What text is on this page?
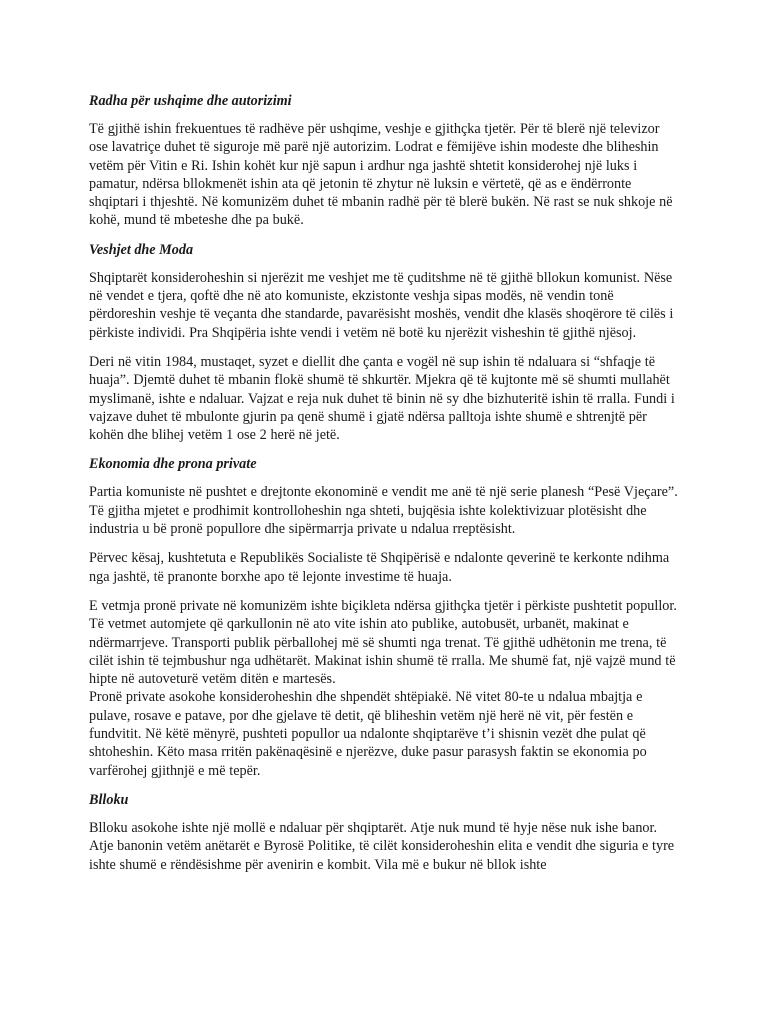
Radha për ushqime dhe autorizimi

Të gjithë ishin frekuentues të radhëve për ushqime, veshje e gjithçka tjetër. Për të blerë një televizor ose lavatriçe duhet të siguroje më parë një autorizim. Lodrat e fëmijëve ishin modeste dhe bliheshin vetëm për Vitin e Ri. Ishin kohët kur një sapun i ardhur nga jashtë shtetit konsiderohej një luks i pamatur, ndërsa bllokmenët ishin ata që jetonin të zhytur në luksin e vërtetë, që as e ëndërronte shqiptari i thjeshtë. Në komunizëm duhet të mbanin radhë për të blerë bukën. Në rast se nuk shkoje në kohë, mund të mbeteshe dhe pa bukë.

Veshjet dhe Moda

Shqiptarët konsideroheshin si njerëzit me veshjet me të çuditshme në të gjithë bllokun komunist. Nëse në vendet e tjera, qoftë dhe në ato komuniste, ekzistonte veshja sipas modës, në vendin tonë përdoreshin veshje të veçanta dhe standarde, pavarësisht moshës, vendit dhe klasës shoqërore të cilës i përkiste individi. Pra Shqipëria ishte vendi i vetëm në botë ku njerëzit visheshin të gjithë njësoj.

Deri në vitin 1984, mustaqet, syzet e diellit dhe çanta e vogël në sup ishin të ndaluara si “shfaqje të huaja”. Djemtë duhet të mbanin flokë shumë të shkurtër. Mjekra që të kujtonte më së shumti mullahët myslimanë, ishte e ndaluar. Vajzat e reja nuk duhet të binin në sy dhe bizhuteritë ishin të rralla. Fundi i vajzave duhet të mbulonte gjurin pa qenë shumë i gjatë ndërsa palltoja ishte shumë e shtrenjtë për kohën dhe blihej vetëm 1 ose 2 herë në jetë.

Ekonomia dhe prona private

Partia komuniste në pushtet e drejtonte ekonominë e vendit me anë të një serie planesh “Pesë Vjeçare”. Të gjitha mjetet e prodhimit kontrolloheshin nga shteti, bujqësia ishte kolektivizuar plotësisht dhe industria u bë pronë popullore dhe sipërmarrja private u ndalua rreptësisht.

Përvec kësaj, kushtetuta e Republikës Socialiste të Shqipërisë e ndalonte qeverinë te kerkonte ndihma nga jashtë, të pranonte borxhe apo të lejonte investime të huaja.

E vetmja pronë private në komunizëm ishte biçikleta ndërsa gjithçka tjetër i përkiste pushtetit popullor. Të vetmet automjete që qarkullonin në ato vite ishin ato publike, autobusët, urbanët, makinat e ndërmarrjeve. Transporti publik përballohej më së shumti nga trenat. Të gjithë udhëtonin me trena, të cilët ishin të tejmbushur nga udhëtarët. Makinat ishin shumë të rralla. Me shumë fat, një vajzë mund të hipte në autoveturë vetëm ditën e martesës.

Pronë private asokohe konsideroheshin dhe shpendët shtëpiakë. Në vitet 80-te u ndalua mbajtja e pulave, rosave e patave, por dhe gjelave të detit, që bliheshin vetëm një herë në vit, për festën e fundvitit. Në këtë mënyrë, pushteti popullor ua ndalonte shqiptarëve t’i shisnin vezët dhe pulat që shtoheshin. Këto masa rritën pakënaqësinë e njerëzve, duke pasur parasysh faktin se ekonomia po varfërohej gjithnjë e më tepër.

Blloku

Blloku asokohe ishte një mollë e ndaluar për shqiptarët. Atje nuk mund të hyje nëse nuk ishe banor. Atje banonin vetëm anëtarët e Byrosë Politike, të cilët konsideroheshin elita e vendit dhe siguria e tyre ishte shumë e rëndësishme për avenirin e kombit. Vila më e bukur në bllok ishte
